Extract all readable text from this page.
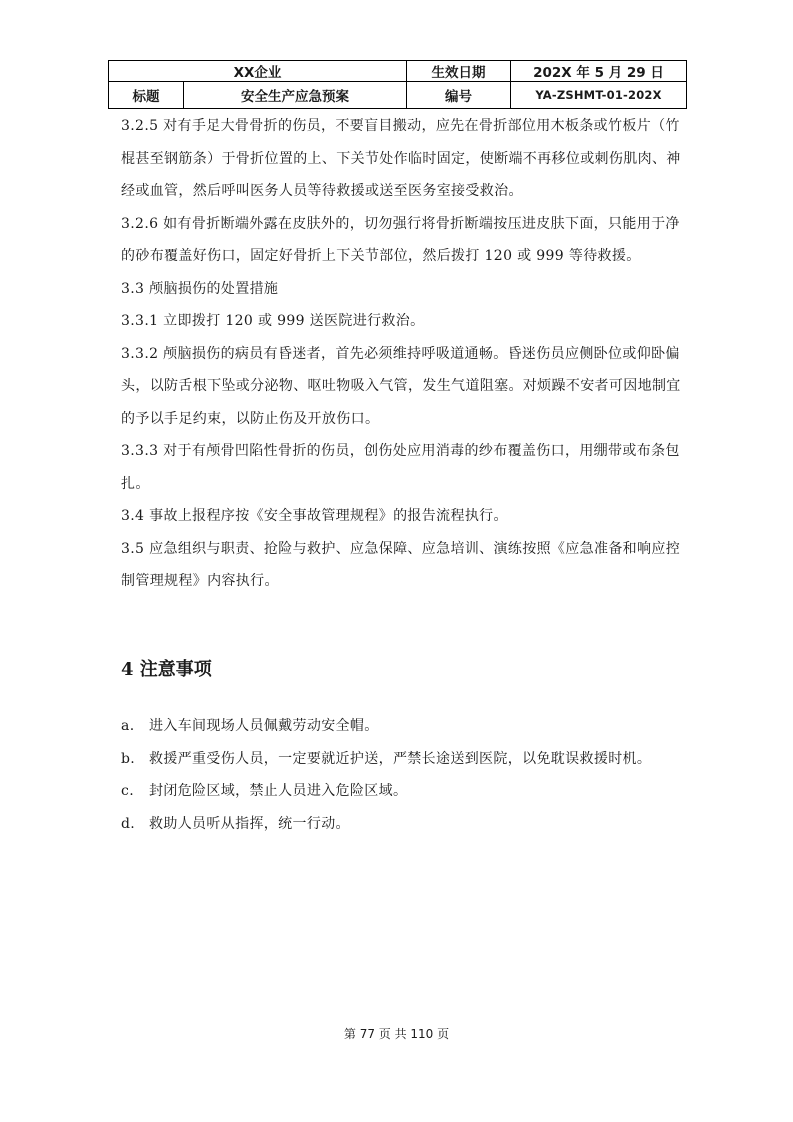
XX企业		生效日期	202X 年 5 月 29 日
标题	安全生产应急预案	编号	YA-ZSHMT-01-202X

3.2.5 对有手足大骨骨折的伤员，不要盲目搬动，应先在骨折部位用木板条或竹板片（竹棍甚至钢筋条）于骨折位置的上、下关节处作临时固定，使断端不再移位或刺伤肌肉、神经或血管，然后呼叫医务人员等待救援或送至医务室接受救治。

3.2.6 如有骨折断端外露在皮肤外的，切勿强行将骨折断端按压进皮肤下面，只能用于净的砂布覆盖好伤口，固定好骨折上下关节部位，然后拨打 120 或 999 等待救援。

3.3 颅脑损伤的处置措施

3.3.1 立即拨打 120 或 999 送医院进行救治。

3.3.2 颅脑损伤的病员有昏迷者，首先必须维持呼吸道通畅。昏迷伤员应侧卧位或仰卧偏头，以防舌根下坠或分泌物、呕吐物吸入气管，发生气道阻塞。对烦躁不安者可因地制宜的予以手足约束，以防止伤及开放伤口。

3.3.3 对于有颅骨凹陷性骨折的伤员，创伤处应用消毒的纱布覆盖伤口，用绷带或布条包扎。

3.4 事故上报程序按《安全事故管理规程》的报告流程执行。

3.5 应急组织与职责、抢险与救护、应急保障、应急培训、演练按照《应急准备和响应控制管理规程》内容执行。

4 注意事项
a.	进入车间现场人员佩戴劳动安全帽。
b. 救援严重受伤人员，一定要就近护送，严禁长途送到医院，以免耽误救援时机。
c.	封闭危险区域，禁止人员进入危险区域。
d. 救助人员听从指挥，统一行动。
第 77 页 共 110 页
